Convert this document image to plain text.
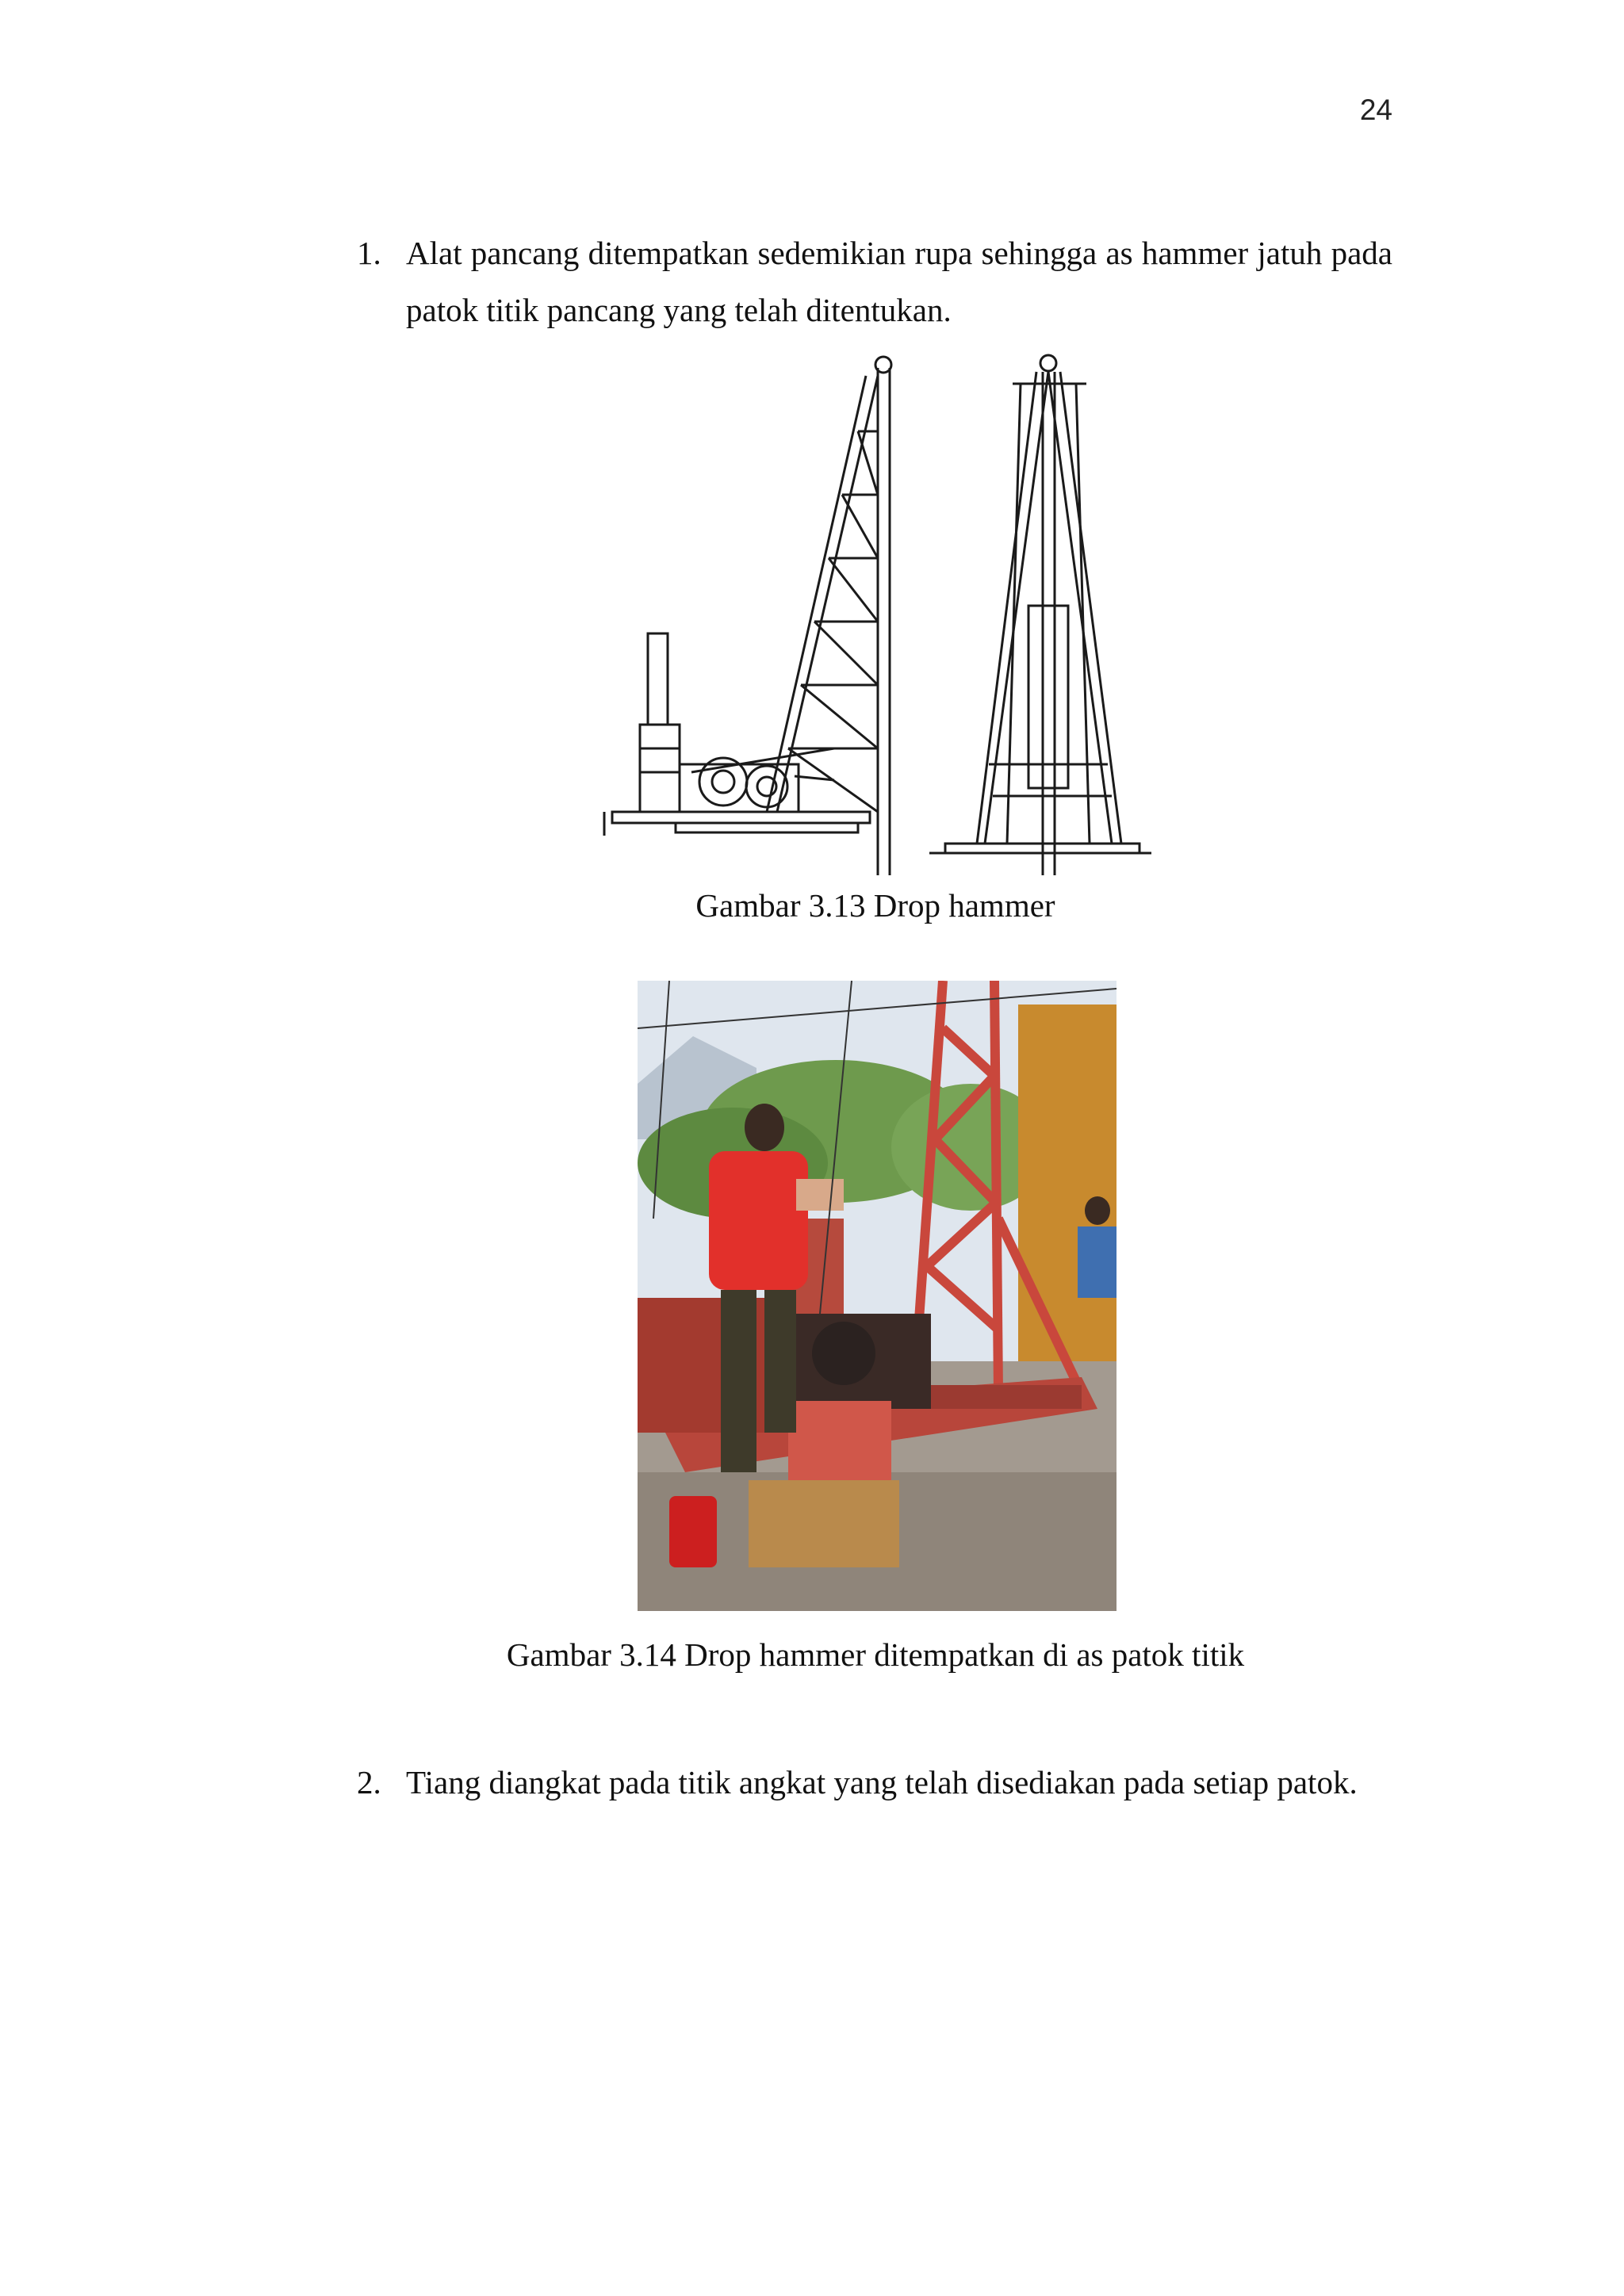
24
1. Alat pancang ditempatkan sedemikian rupa sehingga as hammer jatuh pada patok titik pancang yang telah ditentukan.
Gambar 3.13 Drop hammer
Gambar 3.14 Drop hammer ditempatkan di as patok titik
2. Tiang diangkat pada titik angkat yang telah disediakan pada setiap patok.
